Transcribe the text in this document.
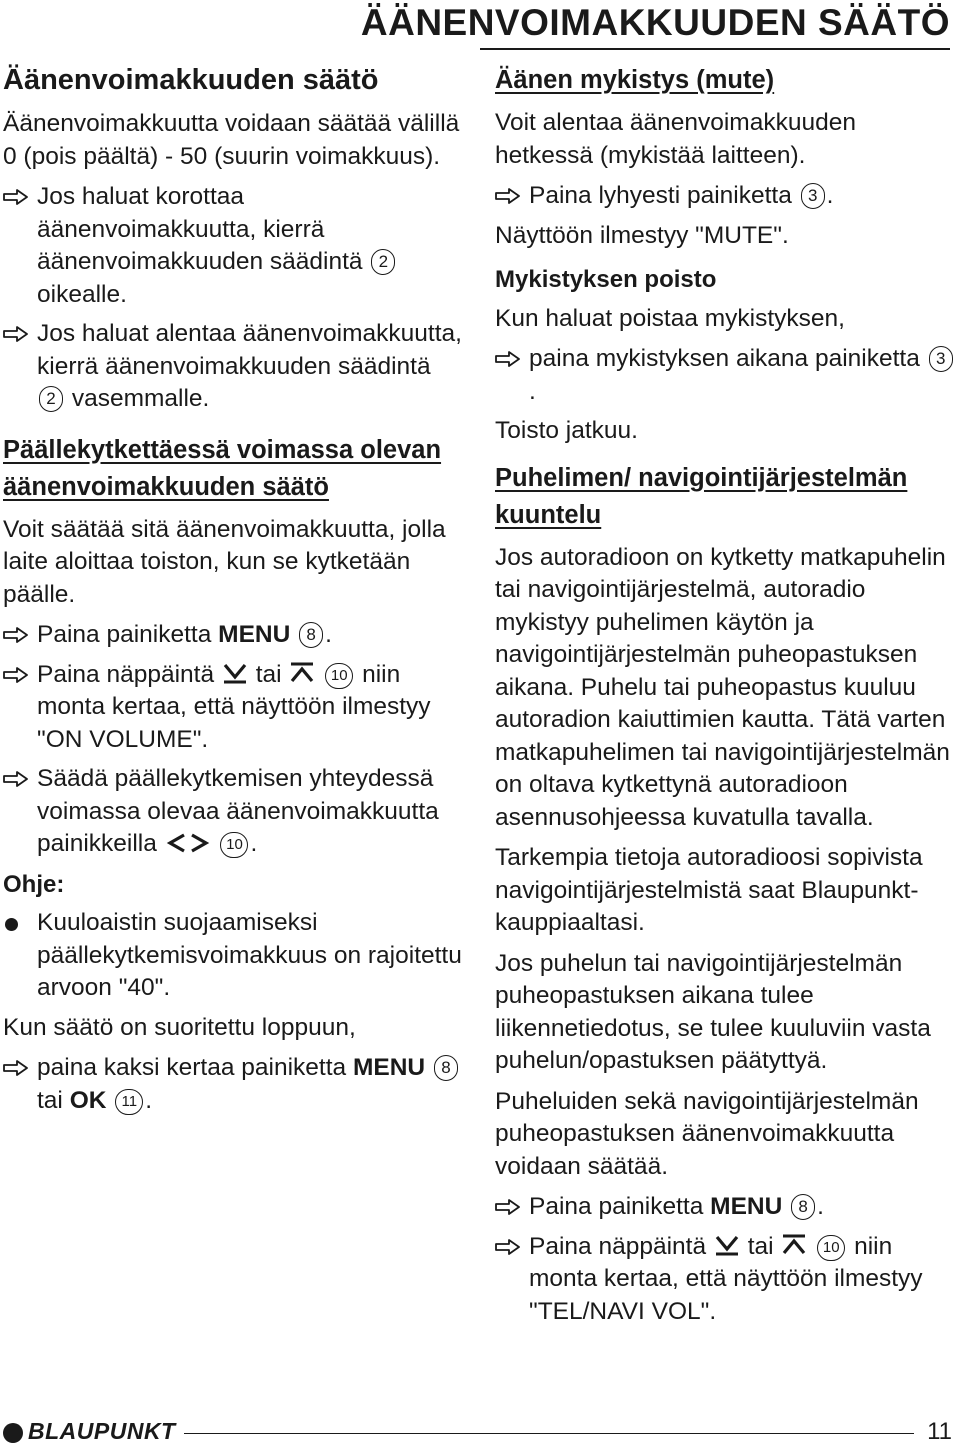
ÄÄNENVOIMAKKUUDEN SÄÄTÖ
Äänenvoimakkuuden säätö

Äänenvoimakkuutta voidaan säätää välillä 0 (pois päältä) - 50 (suurin voimakkuus).

Jos haluat korottaa äänenvoimakkuutta, kierrä äänenvoimakkuuden säädintä 2 oikealle.
Jos haluat alentaa äänenvoimakkuutta, kierrä äänenvoimakkuuden säädintä 2 vasemmalle.
Päällekytkettäessä voimassa olevan äänenvoimakkuuden säätö

Voit säätää sitä äänenvoimakkuutta, jolla laite aloittaa toiston, kun se kytketään päälle.

Paina painiketta MENU 8 .
Paina näppäintä tai	10 niin monta kertaa, että näyttöön ilmestyy "ON VOLUME".
Säädä päällekytkemisen yhteydessä voimassa olevaa äänenvoimakkuutta painikkeilla	10 .
Ohje:
Kuuloaistin suojaamiseksi päällekytkemisvoimakkuus on rajoitettu arvoon "40".

Kun säätö on suoritettu loppuun,

paina kaksi kertaa painiketta MENU 8 tai OK 11 .
Äänen mykistys (mute)

Voit alentaa äänenvoimakkuuden hetkessä (mykistää laitteen).

Paina lyhyesti painiketta 3 .

Näyttöön ilmestyy "MUTE".

Mykistyksen poisto

Kun haluat poistaa mykistyksen,

paina mykistyksen aikana painiketta 3.

Toisto jatkuu.

Puhelimen/ navigointijärjestelmän kuuntelu

Jos autoradioon on kytketty matkapuhelin tai navigointijärjestelmä, autoradio mykistyy puhelimen käytön ja navigointijärjestelmän puheopastuksen aikana. Puhelu tai puheopastus kuuluu autoradion kaiuttimien kautta. Tätä varten matkapuhelimen tai navigointijärjestelmän on oltava kytkettynä autoradioon asennusohjeessa kuvatulla tavalla.

Tarkempia tietoja autoradioosi sopivista navigointijärjestelmistä saat Blaupunkt-kauppiaaltasi.

Jos puhelun tai navigointijärjestelmän puheopastuksen aikana tulee liikennetiedotus, se tulee kuuluviin vasta puhelun/opastuksen päätyttyä.

Puheluiden sekä navigointijärjestelmän puheopastuksen äänenvoimakkuutta voidaan säätää.

Paina painiketta MENU 8 .
Paina näppäintä tai	10 niin monta kertaa, että näyttöön ilmestyy "TEL/NAVI VOL".
BLAUPUNKT	11
